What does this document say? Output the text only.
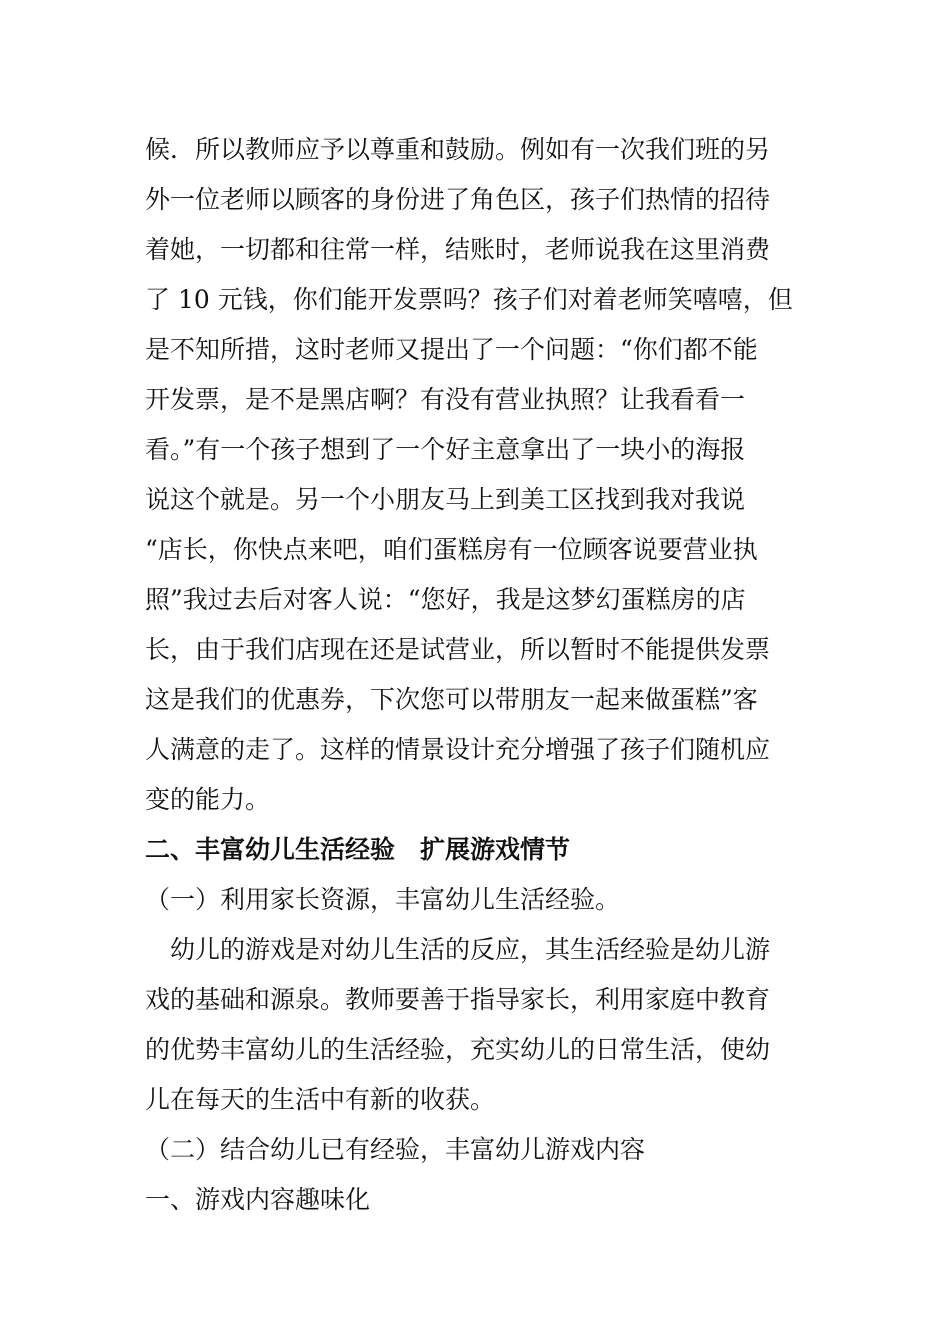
候．所以教师应予以尊重和鼓励。例如有一次我们班的另
外一位老师以顾客的身份进了角色区，孩子们热情的招待
着她，一切都和往常一样，结账时，老师说我在这里消费
了 10 元钱，你们能开发票吗？孩子们对着老师笑嘻嘻，但
是不知所措，这时老师又提出了一个问题：“你们都不能
开发票，是不是黑店啊？有没有营业执照？让我看看一
看。”有一个孩子想到了一个好主意拿出了一块小的海报
说这个就是。另一个小朋友马上到美工区找到我对我说
“店长，你快点来吧，咱们蛋糕房有一位顾客说要营业执
照”我过去后对客人说：“您好，我是这梦幻蛋糕房的店
长，由于我们店现在还是试营业，所以暂时不能提供发票
这是我们的优惠券，下次您可以带朋友一起来做蛋糕”客
人满意的走了。这样的情景设计充分增强了孩子们随机应
变的能力。
二、丰富幼儿生活经验　扩展游戏情节
（一）利用家长资源，丰富幼儿生活经验。
　幼儿的游戏是对幼儿生活的反应，其生活经验是幼儿游
戏的基础和源泉。教师要善于指导家长，利用家庭中教育
的优势丰富幼儿的生活经验，充实幼儿的日常生活，使幼
儿在每天的生活中有新的收获。
（二）结合幼儿已有经验，丰富幼儿游戏内容
一、游戏内容趣味化
